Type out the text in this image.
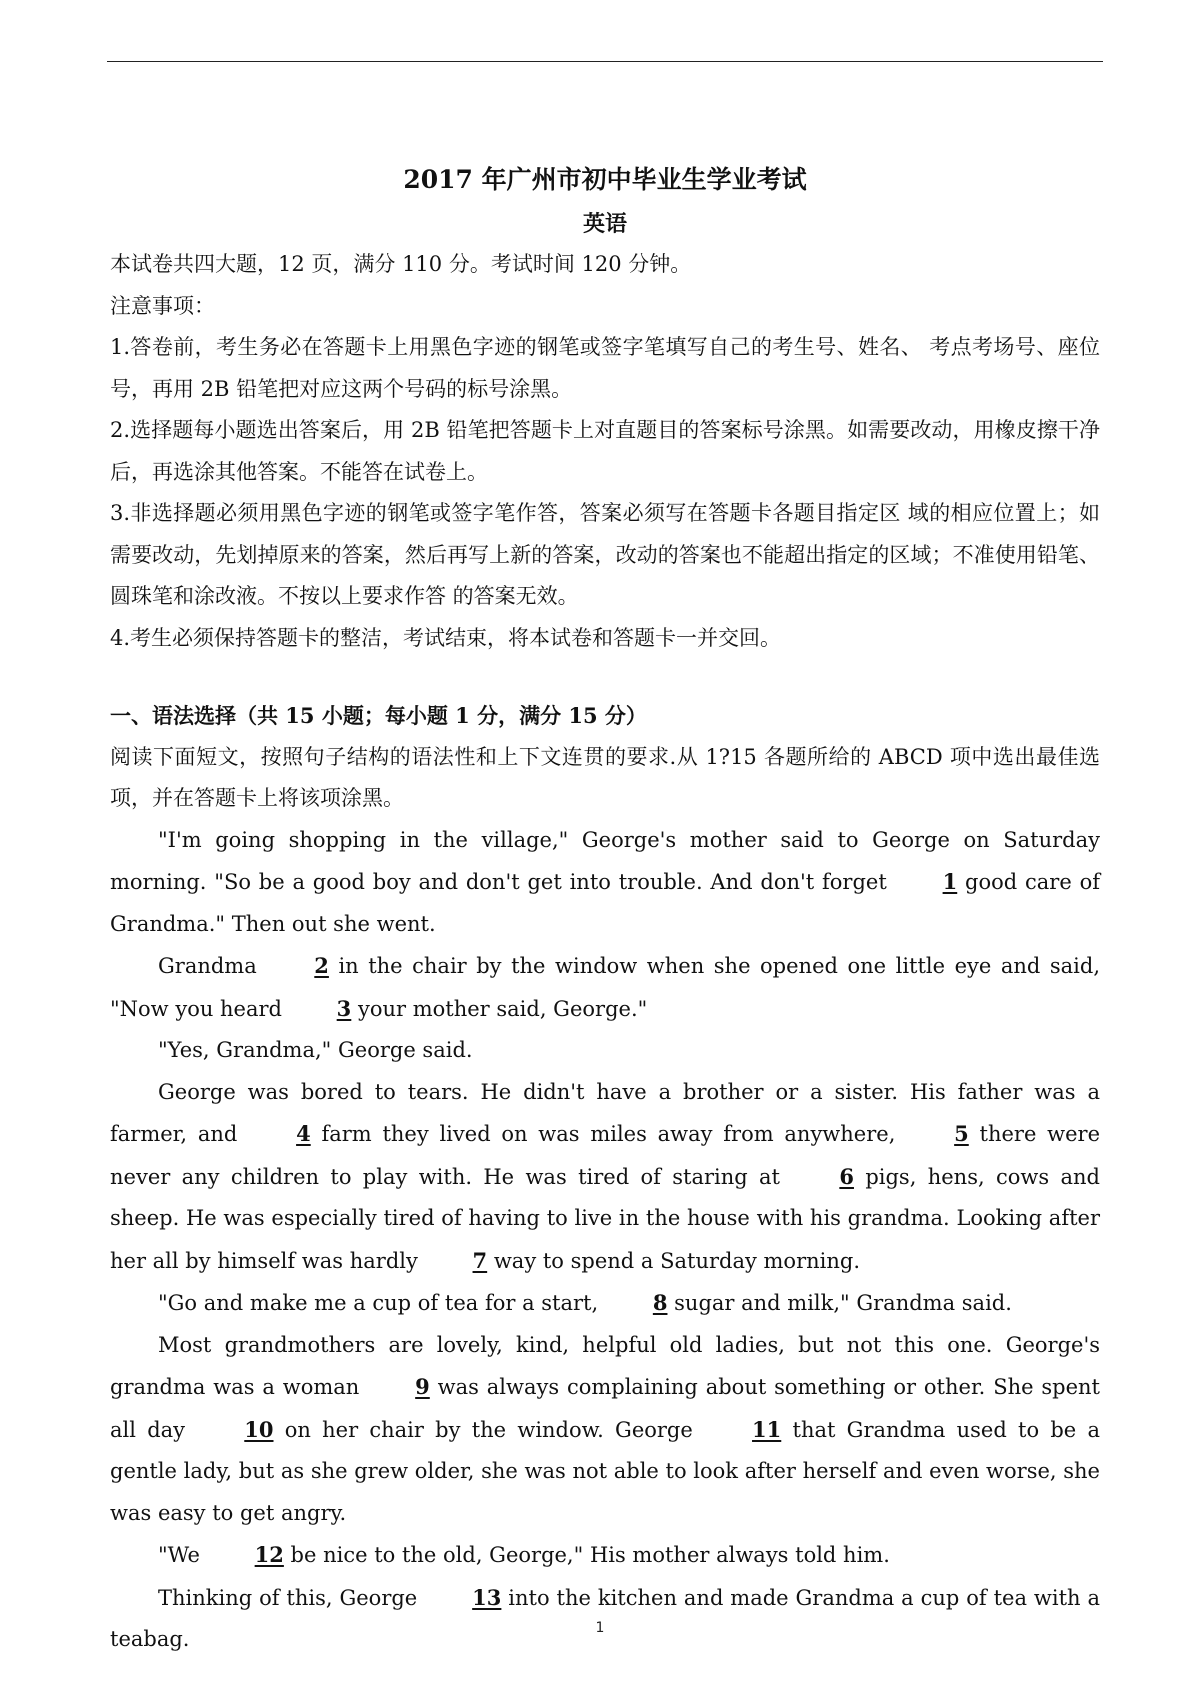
2017 年广州市初中毕业生学业考试
英语

本试卷共四大题，12 页，满分 110 分。考试时间 120 分钟。

注意事项：

1.答卷前，考生务必在答题卡上用黑色字迹的钢笔或签字笔填写自己的考生号、姓名、 考点考场号、座位号，再用 2B 铅笔把对应这两个号码的标号涂黑。

2.选择题每小题选出答案后，用 2B 铅笔把答题卡上对直题目的答案标号涂黑。如需要改动，用橡皮擦干净后，再选涂其他答案。不能答在试卷上。

3.非选择题必须用黑色字迹的钢笔或签字笔作答，答案必须写在答题卡各题目指定区 域的相应位置上；如需要改动，先划掉原来的答案，然后再写上新的答案，改动的答案也不能超出指定的区域；不准使用铅笔、圆珠笔和涂改液。不按以上要求作答 的答案无效。

4.考生必须保持答题卡的整洁，考试结束，将本试卷和答题卡一并交回。

一、语法选择（共 15 小题；每小题 1 分，满分 15 分）

阅读下面短文，按照句子结构的语法性和上下文连贯的要求.从 1?15 各题所给的 ABCD 项中选出最佳选项，并在答题卡上将该项涂黑。

"I'm going shopping in the village," George's mother said to George on Saturday morning. "So be a good boy and don't get into trouble. And don't forget 1 good care of Grandma." Then out she went.

Grandma 2 in the chair by the window when she opened one little eye and said, "Now you heard 3 your mother said, George."

"Yes, Grandma," George said.

George was bored to tears. He didn't have a brother or a sister. His father was a farmer, and 4 farm they lived on was miles away from anywhere, 5 there were never any children to play with. He was tired of staring at 6 pigs, hens, cows and sheep. He was especially tired of having to live in the house with his grandma. Looking after her all by himself was hardly 7 way to spend a Saturday morning.

"Go and make me a cup of tea for a start, 8 sugar and milk," Grandma said.

Most grandmothers are lovely, kind, helpful old ladies, but not this one. George's grandma was a woman 9 was always complaining about something or other. She spent all day 10 on her chair by the window. George 11 that Grandma used to be a gentle lady, but as she grew older, she was not able to look after herself and even worse, she was easy to get angry.

"We 12 be nice to the old, George," His mother always told him.

Thinking of this, George 13 into the kitchen and made Grandma a cup of tea with a teabag.	1
